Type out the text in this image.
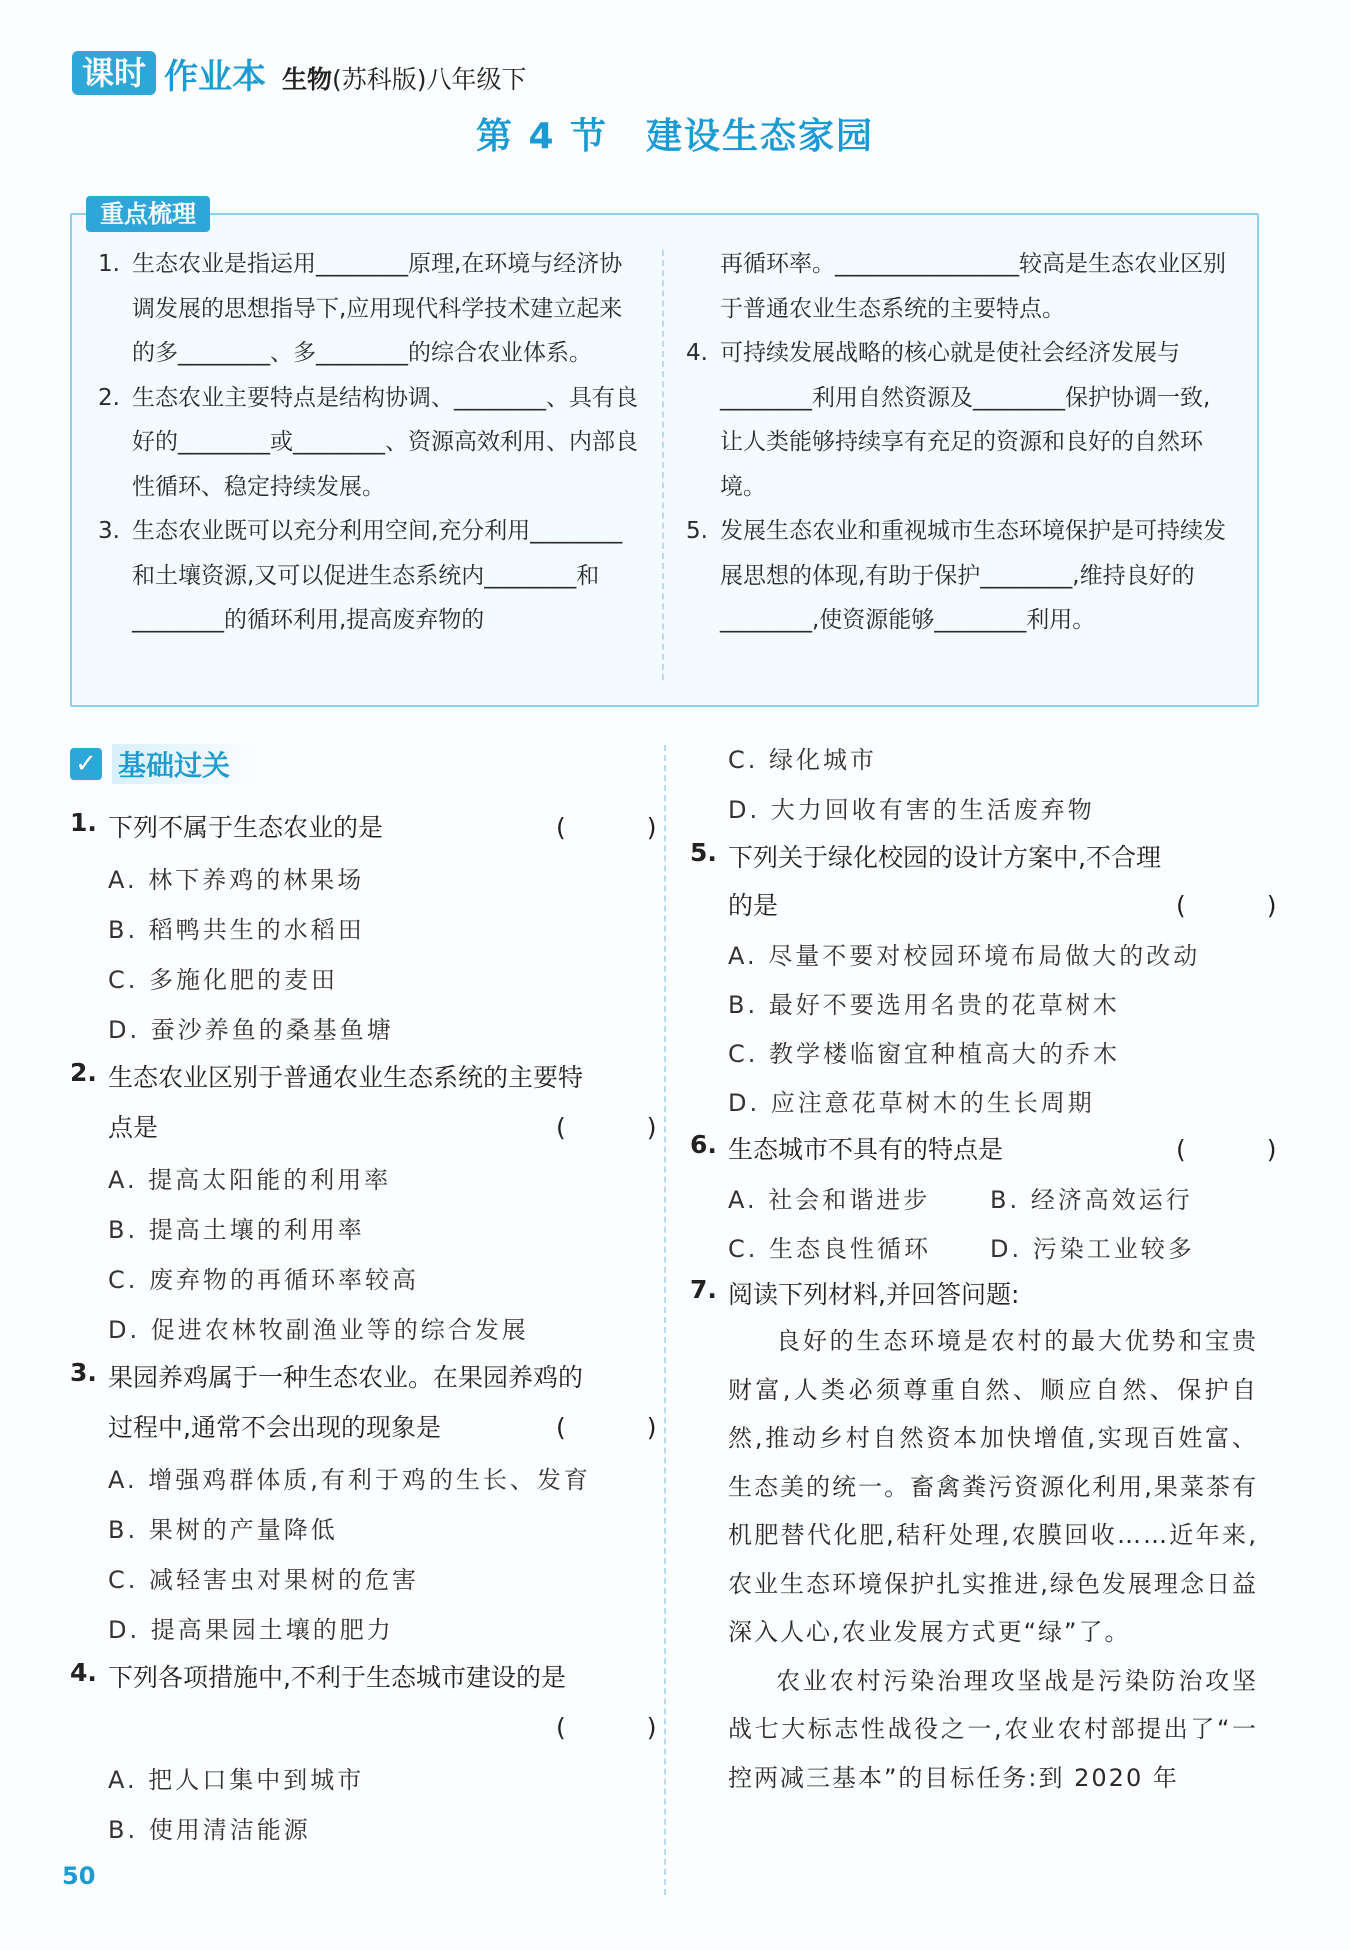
课时 作业本 生物(苏科版)八年级下
第 4 节　建设生态家园
重点梳理
1. 生态农业是指运用________原理,在环境与经济协调发展的思想指导下,应用现代科学技术建立起来的多________、多________的综合农业体系。
2. 生态农业主要特点是结构协调、________、具有良好的________或________、资源高效利用、内部良性循环、稳定持续发展。
3. 生态农业既可以充分利用空间,充分利用________和土壤资源,又可以促进生态系统内________和________的循环利用,提高废弃物的
再循环率。________________较高是生态农业区别于普通农业生态系统的主要特点。
4. 可持续发展战略的核心就是使社会经济发展与________利用自然资源及________保护协调一致,让人类能够持续享有充足的资源和良好的自然环境。
5. 发展生态农业和重视城市生态环境保护是可持续发展思想的体现,有助于保护________,维持良好的________,使资源能够________利用。
✓ 基础过关
1. 下列不属于生态农业的是	(　)
A. 林下养鸡的林果场
B. 稻鸭共生的水稻田
C. 多施化肥的麦田
D. 蚕沙养鱼的桑基鱼塘
2. 生态农业区别于普通农业生态系统的主要特
点是	(　)
A. 提高太阳能的利用率
B. 提高土壤的利用率
C. 废弃物的再循环率较高
D. 促进农林牧副渔业等的综合发展
3. 果园养鸡属于一种生态农业。在果园养鸡的
过程中,通常不会出现的现象是	(　)
A. 增强鸡群体质,有利于鸡的生长、发育
B. 果树的产量降低
C. 减轻害虫对果树的危害
D. 提高果园土壤的肥力
4. 下列各项措施中,不利于生态城市建设的是
(　)
A. 把人口集中到城市
B. 使用清洁能源
C. 绿化城市
D. 大力回收有害的生活废弃物
5. 下列关于绿化校园的设计方案中,不合理
的是	(　)
A. 尽量不要对校园环境布局做大的改动
B. 最好不要选用名贵的花草树木
C. 教学楼临窗宜种植高大的乔木
D. 应注意花草树木的生长周期
6. 生态城市不具有的特点是	(　)
A. 社会和谐进步 B. 经济高效运行
C. 生态良性循环 D. 污染工业较多
7. 阅读下列材料,并回答问题:

良好的生态环境是农村的最大优势和宝贵财富,人类必须尊重自然、顺应自然、保护自然,推动乡村自然资本加快增值,实现百姓富、生态美的统一。畜禽粪污资源化利用,果菜茶有机肥替代化肥,秸秆处理,农膜回收……近年来,农业生态环境保护扎实推进,绿色发展理念日益深入人心,农业发展方式更“绿”了。

农业农村污染治理攻坚战是污染防治攻坚战七大标志性战役之一,农业农村部提出了“一控两减三基本”的目标任务:到 2020 年

50
